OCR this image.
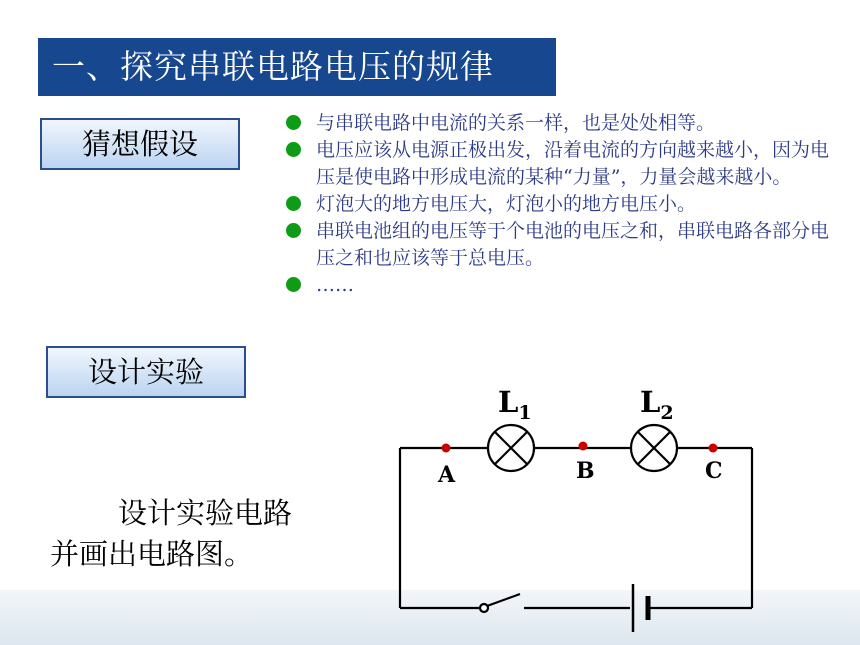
一、探究串联电路电压的规律
猜想假设
与串联电路中电流的关系一样，也是处处相等。
电压应该从电源正极出发，沿着电流的方向越来越小，因为电压是使电路中形成电流的某种“力量”，力量会越来越小。
灯泡大的地方电压大，灯泡小的地方电压小。
串联电池组的电压等于个电池的电压之和，串联电路各部分电压之和也应该等于总电压。
……
设计实验
设计实验电路
并画出电路图。
$L_1$	$L_2$
A	B	C
